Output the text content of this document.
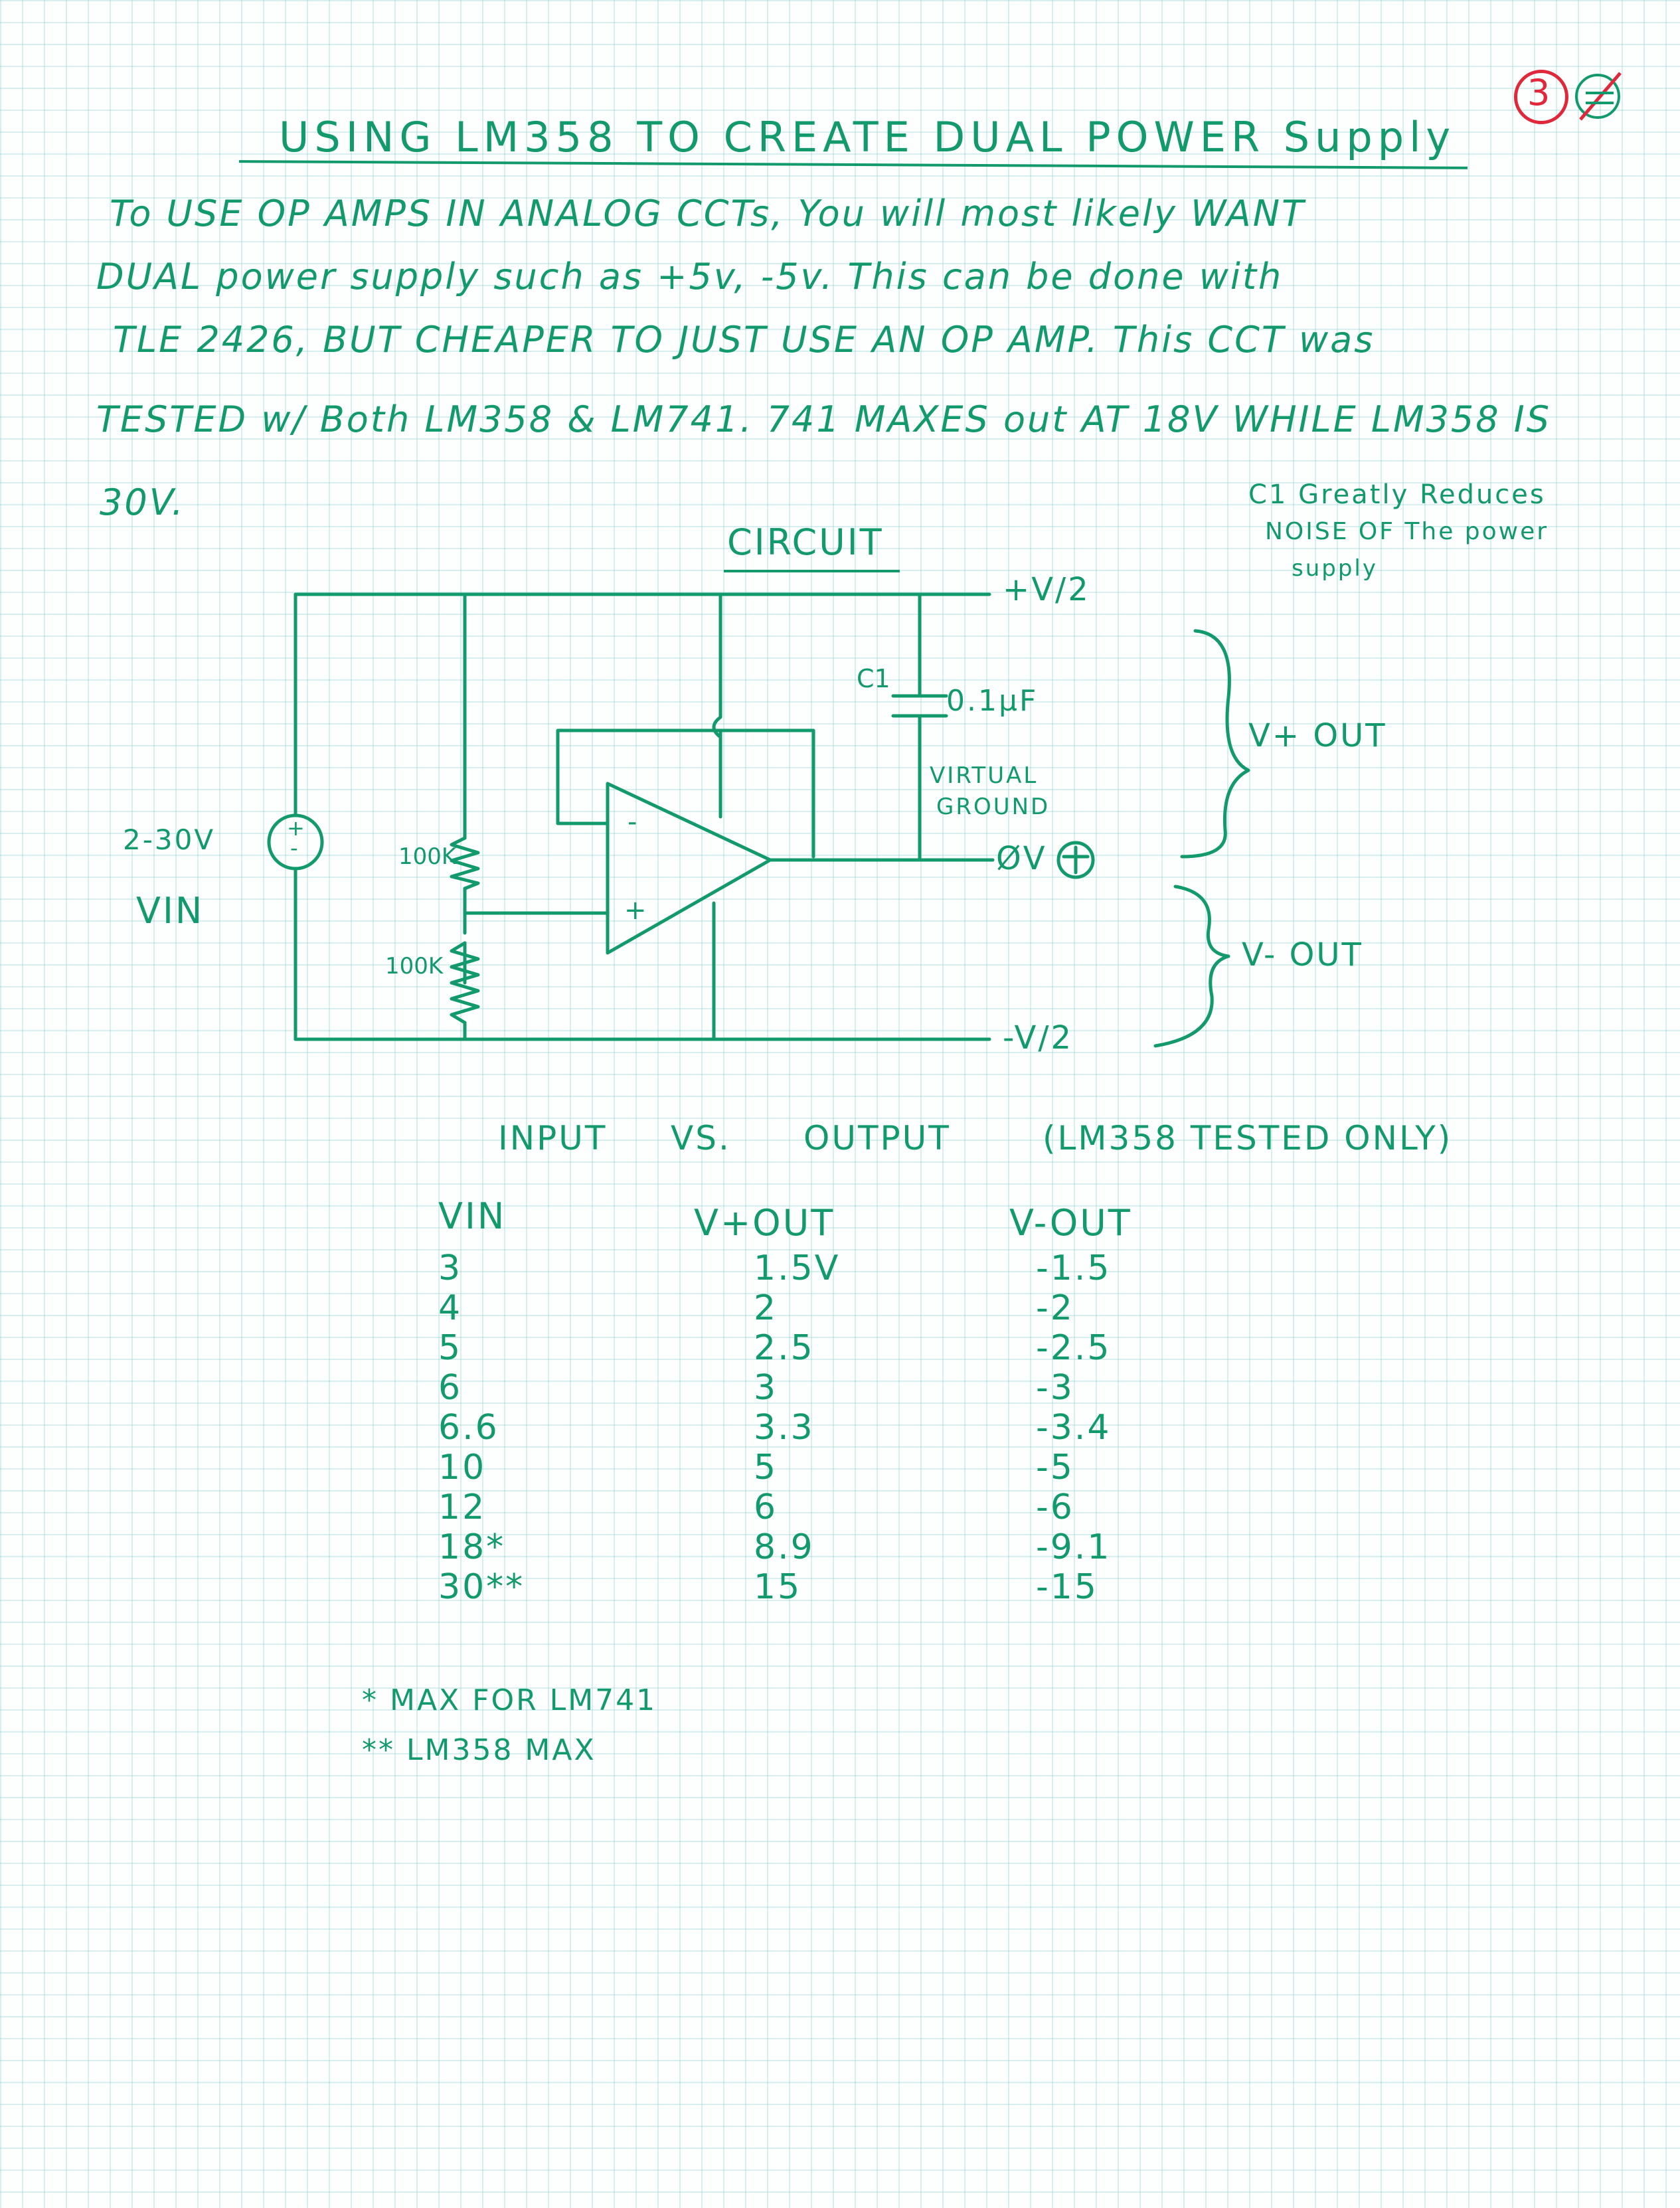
3
USING LM358 TO CREATE DUAL POWER Supply
To USE OP AMPS IN ANALOG CCTs, You will most likely WANT
DUAL power supply such as +5v, -5v. This can be done with
TLE 2426, BUT CHEAPER TO JUST USE AN OP AMP. This CCT was
TESTED w/ Both LM358 & LM741. 741 MAXES out AT 18V WHILE LM358 IS
30V.	C1 Greatly Reduces
NOISE OF The power
supply
CIRCUIT
+
-
2-30V
VIN
100K
100K
-
+
C1
0.1μF
VIRTUAL
GROUND
+V/2
ØV
-V/2
V+ OUT
V- OUT
INPUT VS. OUTPUT	(LM358 TESTED ONLY)
VIN	V+OUT	V-OUT
3	1.5V	-1.5
4	2	-2
5	2.5	-2.5
6	3	-3
6.6	3.3	-3.4
10	5	-5
12	6	-6
18*	8.9	-9.1
30**	15	-15
* MAX FOR LM741
** LM358 MAX
